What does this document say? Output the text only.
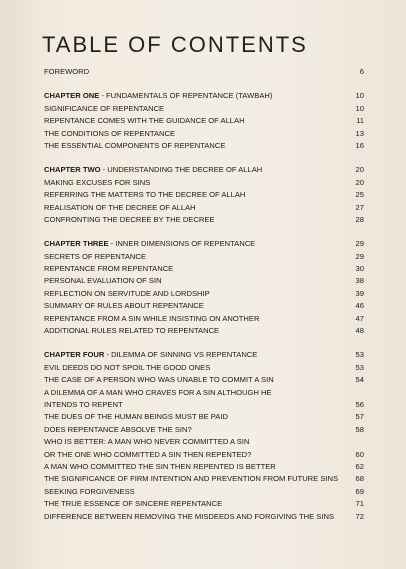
TABLE OF CONTENTS
FOREWORD	6
CHAPTER ONE - FUNDAMENTALS OF REPENTANCE (TAWBAH)	10
SIGNIFICANCE OF REPENTANCE	10
REPENTANCE COMES WITH THE GUIDANCE OF ALLAH	11
THE CONDITIONS OF REPENTANCE	13
THE ESSENTIAL COMPONENTS OF REPENTANCE	16
CHAPTER TWO - UNDERSTANDING THE DECREE OF ALLAH	20
MAKING EXCUSES FOR SINS	20
REFERRING THE MATTERS TO THE DECREE OF ALLAH	25
REALISATION OF THE DECREE OF ALLAH	27
CONFRONTING THE DECREE BY THE DECREE	28
CHAPTER THREE - INNER DIMENSIONS OF REPENTANCE	29
SECRETS OF REPENTANCE	29
REPENTANCE FROM REPENTANCE	30
PERSONAL EVALUATION OF SIN	38
REFLECTION ON SERVITUDE AND LORDSHIP	39
SUMMARY OF RULES ABOUT REPENTANCE	46
REPENTANCE FROM A SIN WHILE INSISTING ON ANOTHER	47
ADDITIONAL RULES RELATED TO REPENTANCE	48
CHAPTER FOUR - DILEMMA OF SINNING VS REPENTANCE	53
EVIL DEEDS DO NOT SPOIL THE GOOD ONES	53
THE CASE OF A PERSON WHO WAS UNABLE TO COMMIT A SIN	54
A DILEMMA OF A MAN WHO CRAVES FOR A SIN ALTHOUGH HE
INTENDS TO REPENT	56
THE DUES OF THE HUMAN BEINGS MUST BE PAID	57
DOES REPENTANCE ABSOLVE THE SIN?	58
WHO IS BETTER: A MAN WHO NEVER COMMITTED A SIN
OR THE ONE WHO COMMITTED A SIN THEN REPENTED?	60
A MAN WHO COMMITTED THE SIN THEN REPENTED IS BETTER	62
THE SIGNIFICANCE OF FIRM INTENTION AND PREVENTION FROM FUTURE SINS	68
SEEKING FORGIVENESS	69
THE TRUE ESSENCE OF SINCERE REPENTANCE	71
DIFFERENCE BETWEEN REMOVING THE MISDEEDS AND FORGIVING THE SINS	72
